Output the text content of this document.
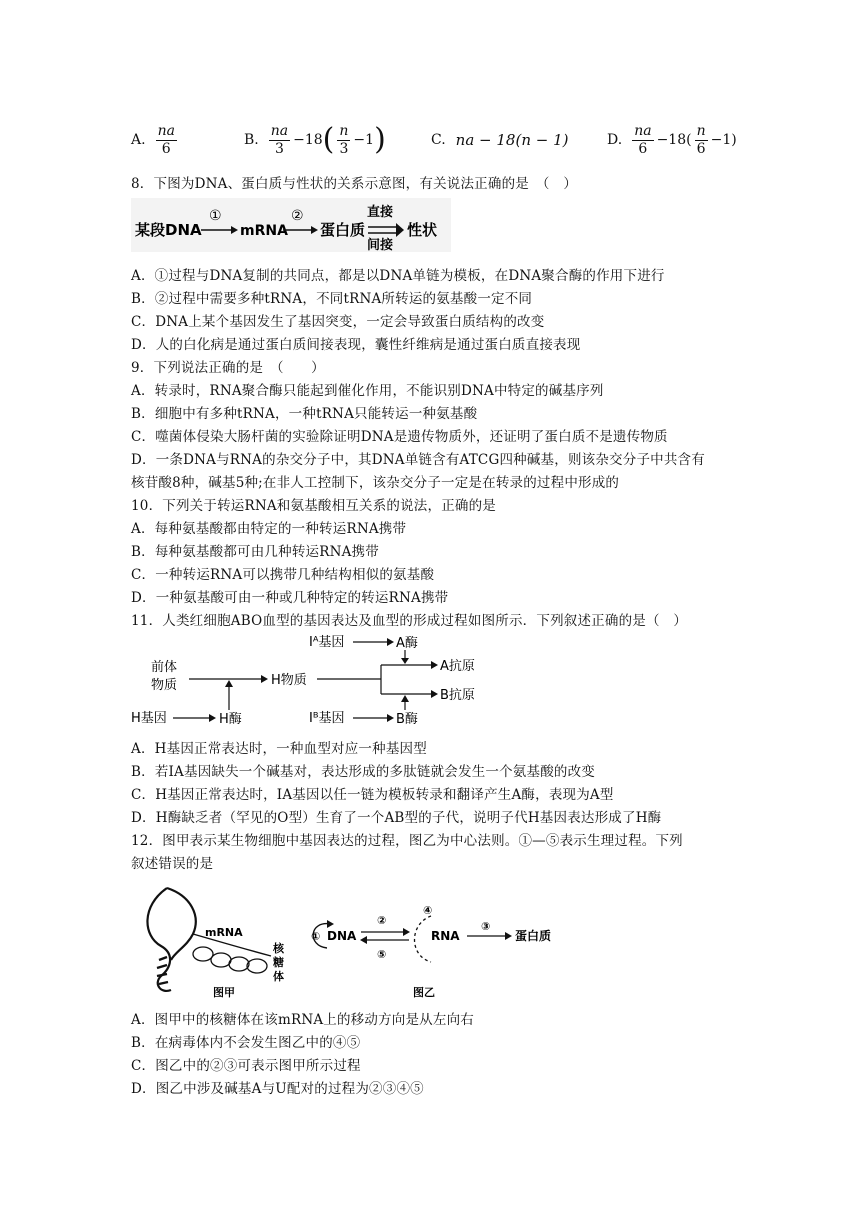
A. $\frac{na}{6}$	B. $\frac{na}{3} -18$ ( $\frac{n}{3} -1$ )	C. na − 18(n − 1)	D. $\frac{na}{6} -18( \frac{n}{6} -1)$
8．下图为DNA、蛋白质与性状的关系示意图，有关说法正确的是　（　）
某段DNA
①
mRNA
②
蛋白质
直接
间接
性状
A．①过程与DNA复制的共同点，都是以DNA单链为模板，在DNA聚合酶的作用下进行
B．②过程中需要多种tRNA，不同tRNA所转运的氨基酸一定不同
C．DNA上某个基因发生了基因突变，一定会导致蛋白质结构的改变
D．人的白化病是通过蛋白质间接表现，囊性纤维病是通过蛋白质直接表现
9．下列说法正确的是　（　　）
A．转录时，RNA聚合酶只能起到催化作用，不能识别DNA中特定的碱基序列
B．细胞中有多种tRNA，一种tRNA只能转运一种氨基酸
C．噬菌体侵染大肠杆菌的实验除证明DNA是遗传物质外，还证明了蛋白质不是遗传物质
D．一条DNA与RNA的杂交分子中，其DNA单链含有ATCG四种碱基，则该杂交分子中共含有
核苷酸8种，碱基5种;在非人工控制下，该杂交分子一定是在转录的过程中形成的
10．下列关于转运RNA和氨基酸相互关系的说法，正确的是
A．每种氨基酸都由特定的一种转运RNA携带
B．每种氨基酸都可由几种转运RNA携带
C．一种转运RNA可以携带几种结构相似的氨基酸
D．一种氨基酸可由一种或几种特定的转运RNA携带
11．人类红细胞ABO血型的基因表达及血型的形成过程如图所示．下列叙述正确的是（　）
前体
物质	H物质
A抗原
B抗原
Iᴬ基因	A酶
Iᴮ基因	B酶
H基因	H酶
A．H基因正常表达时，一种血型对应一种基因型
B．若IA基因缺失一个碱基对，表达形成的多肽链就会发生一个氨基酸的改变
C．H基因正常表达时，IA基因以任一链为模板转录和翻译产生A酶，表现为A型
D．H酶缺乏者（罕见的O型）生育了一个AB型的子代，说明子代H基因表达形成了H酶
12．图甲表示某生物细胞中基因表达的过程，图乙为中心法则。①—⑤表示生理过程。下列
叙述错误的是
mRNA
核
糖
体
图甲
① DNA
②
⑤
④
RNA
③
蛋白质
图乙
A．图甲中的核糖体在该mRNA上的移动方向是从左向右
B．在病毒体内不会发生图乙中的④⑤
C．图乙中的②③可表示图甲所示过程
D．图乙中涉及碱基A与U配对的过程为②③④⑤
